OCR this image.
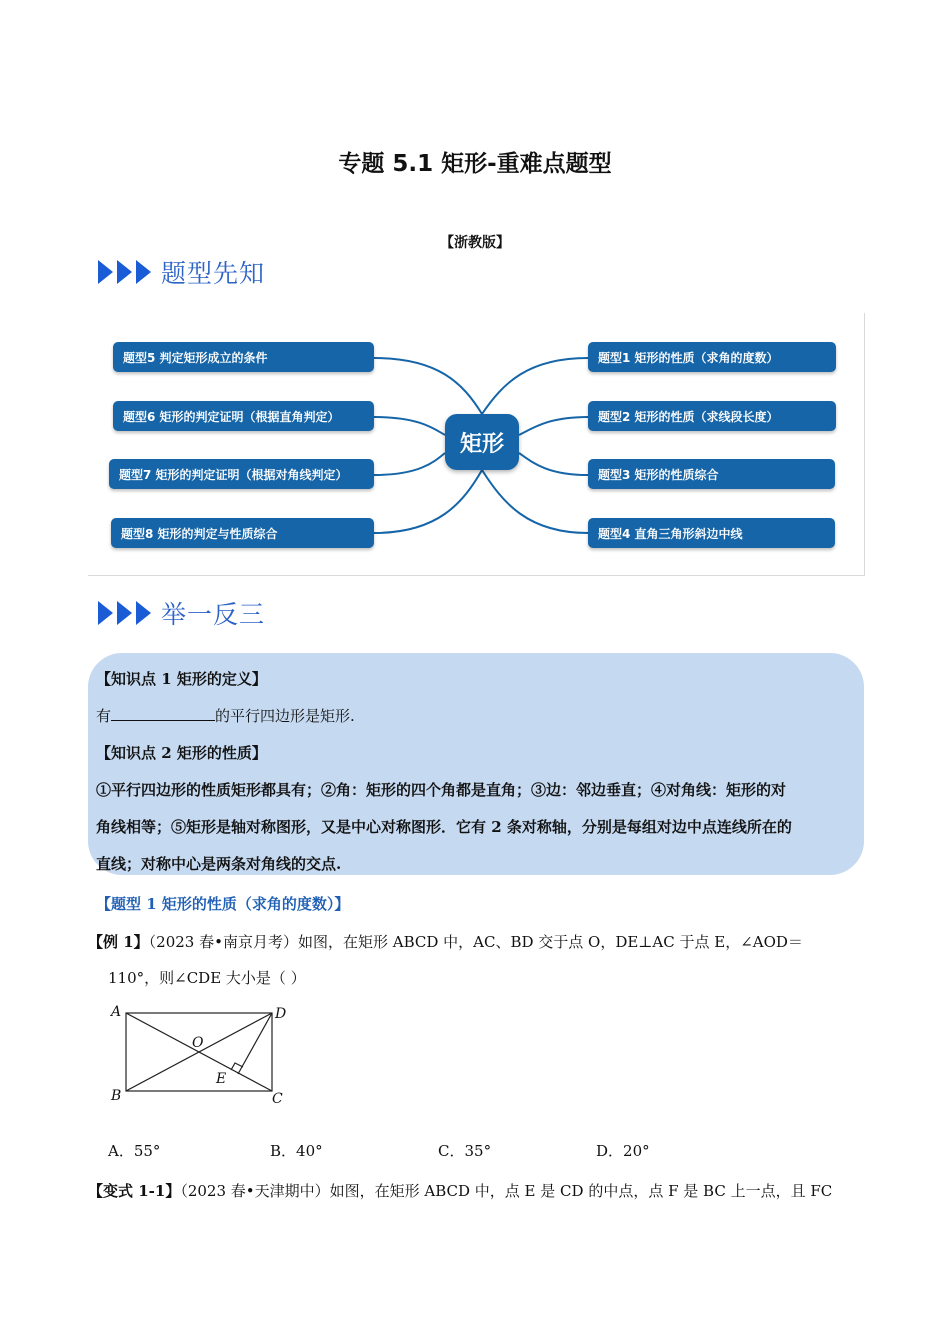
专题 5.1 矩形-重难点题型
【浙教版】
题型先知
题型5 判定矩形成立的条件
题型6 矩形的判定证明（根据直角判定）
题型7 矩形的判定证明（根据对角线判定）
题型8 矩形的判定与性质综合
矩形
题型1 矩形的性质（求角的度数）
题型2 矩形的性质（求线段长度）
题型3 矩形的性质综合
题型4 直角三角形斜边中线
举一反三
【知识点 1 矩形的定义】
有	的平行四边形是矩形.
【知识点 2 矩形的性质】
①平行四边形的性质矩形都具有；②角：矩形的四个角都是直角；③边：邻边垂直；④对角线：矩形的对
角线相等；⑤矩形是轴对称图形，又是中心对称图形．它有 2 条对称轴，分别是每组对边中点连线所在的
直线；对称中心是两条对角线的交点.
【题型 1 矩形的性质（求角的度数）】
【例 1】（2023 春•南京月考）如图，在矩形 ABCD 中，AC、BD 交于点 O，DE⊥AC 于点 E，∠AOD＝
110°，则∠CDE 大小是（ ）
A	D
O
E
B	C
A．55°	B．40°	C．35°	D．20°
【变式 1-1】（2023 春•天津期中）如图，在矩形 ABCD 中，点 E 是 CD 的中点，点 F 是 BC 上一点，且 FC
